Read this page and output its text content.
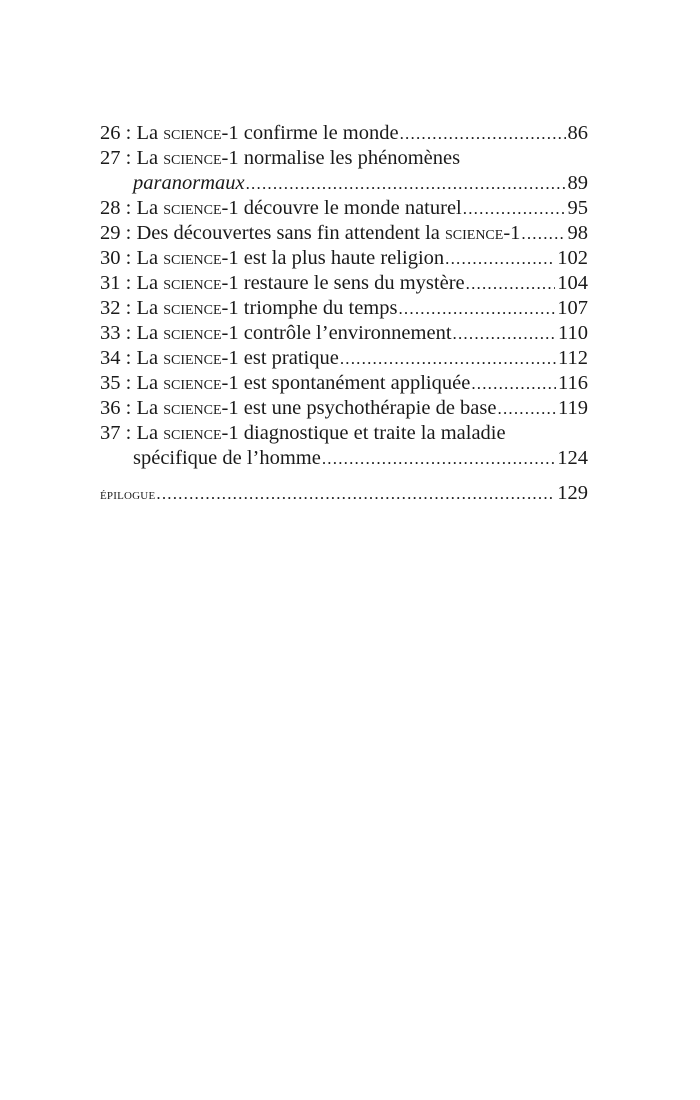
26 : La science-1 confirme le monde .....	86
27 : La science-1 normalise les phénomènes
paranormaux .....	89
28 : La science-1 découvre le monde naturel .....	95
29 : Des découvertes sans fin attendent la science-1 ..... 98
30 : La science-1 est la plus haute religion .....	102
31 : La science-1 restaure le sens du mystère .....	104
32 : La science-1 triomphe du temps .....	107
33 : La science-1 contrôle l’environnement .....	110
34 : La science-1 est pratique .....	112
35 : La science-1 est spontanément appliquée .....	116
36 : La science-1 est une psychothérapie de base .....	119
37 : La science-1 diagnostique et traite la maladie
spécifique de l’homme .....	124
épilogue .....	129
